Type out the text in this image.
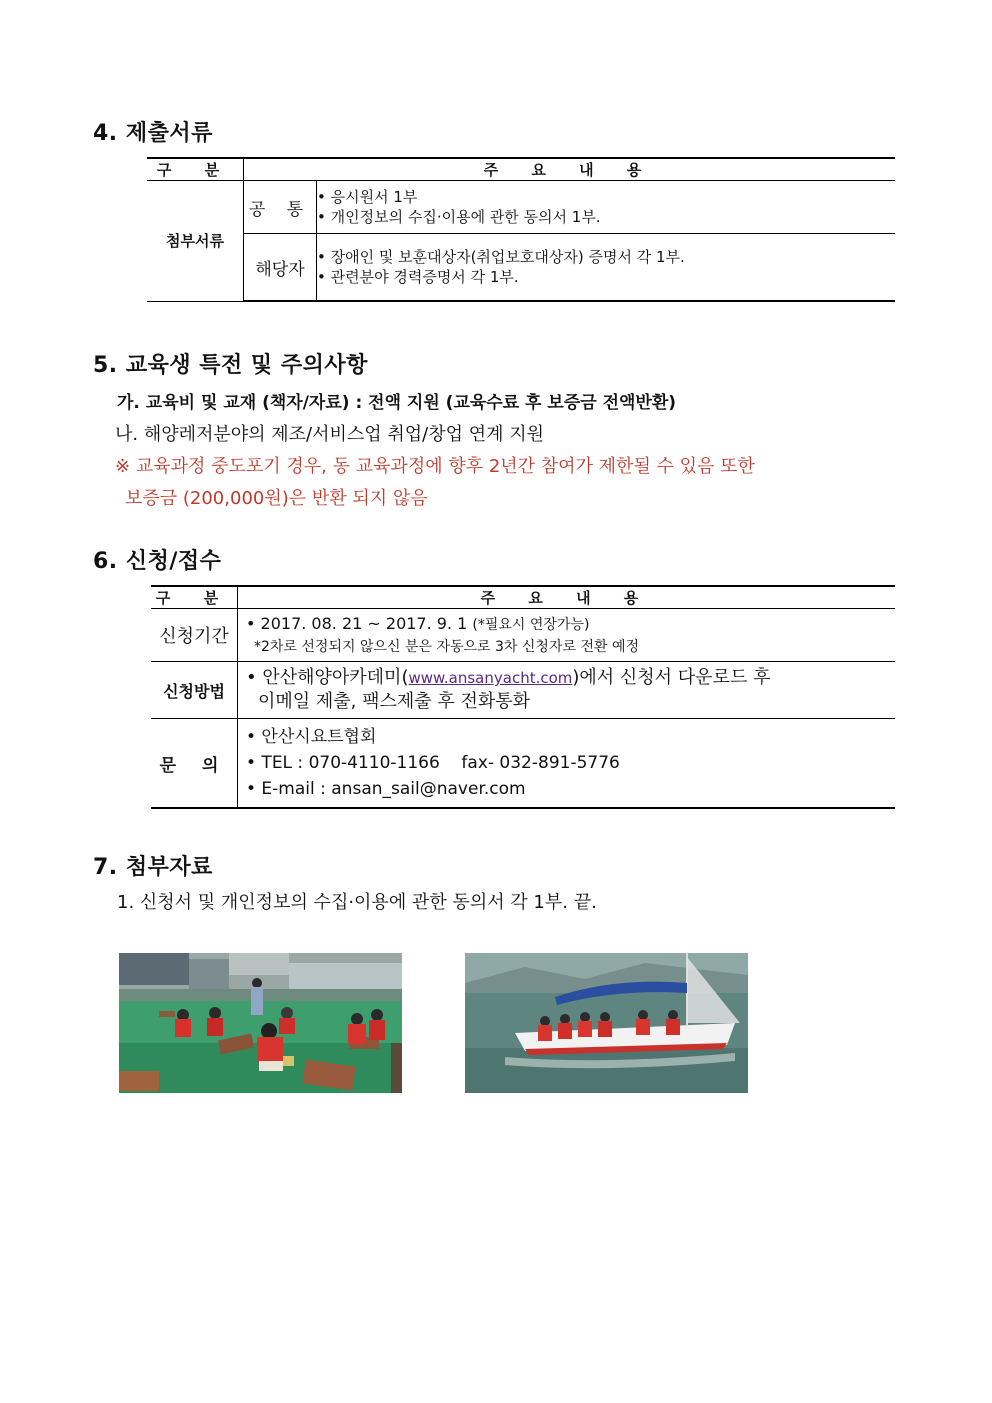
4. 제출서류
구 분	주 요 내 용	
첨부서류	공 통	• 응시원서 1부
• 개인정보의 수집·이용에 관한 동의서 1부.

	해당자	• 장애인 및 보훈대상자(취업보호대상자) 증명서 각 1부.
• 관련분야 경력증명서 각 1부.
5. 교육생 특전 및 주의사항
가. 교육비 및 교재 (책자/자료) : 전액 지원 (교육수료 후 보증금 전액반환)
나. 해양레저분야의 제조/서비스업 취업/창업 연계 지원
※ 교육과정 중도포기 경우, 동 교육과정에 향후 2년간 참여가 제한될 수 있음 또한
보증금 (200,000원)은 반환 되지 않음
6. 신청/접수
구 분	주 요 내 용
신청기간	• 2017. 08. 21 ~ 2017. 9. 1 (*필요시 연장가능)
*2차로 선정되지 않으신 분은 자동으로 3차 신청자로 전환 예정

신청방법	• 안산해양아카데미(www.ansanyacht.com)에서 신청서 다운로드 후
이메일 제출, 팩스제출 후 전화통화

문 의	• 안산시요트협회
• TEL : 070-4110-1166    fax- 032-891-5776
• E-mail : ansan_sail@naver.com
7. 첨부자료
1. 신청서 및 개인정보의 수집·이용에 관한 동의서 각 1부. 끝.
